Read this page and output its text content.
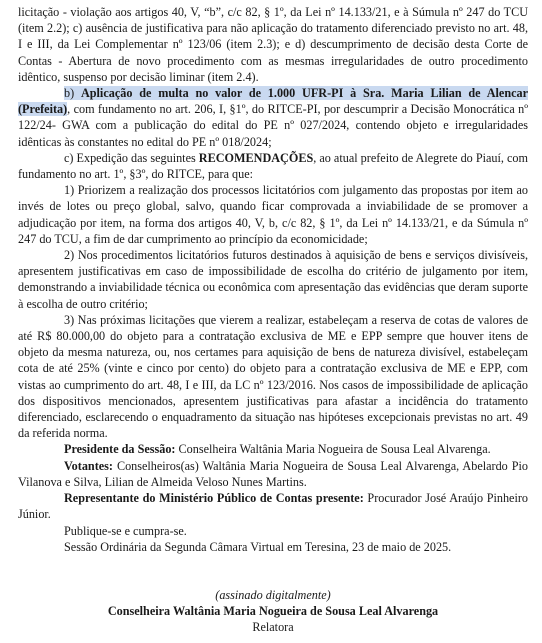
licitação - violação aos artigos 40, V, “b”, c/c 82, § 1º, da Lei nº 14.133/21, e à Súmula nº 247 do TCU (item 2.2); c) ausência de justificativa para não aplicação do tratamento diferenciado previsto no art. 48, I e III, da Lei Complementar nº 123/06 (item 2.3); e d) descumprimento de decisão desta Corte de Contas - Abertura de novo procedimento com as mesmas irregularidades de outro procedimento idêntico, suspenso por decisão liminar (item 2.4).

b) Aplicação de multa no valor de 1.000 UFR-PI à Sra. Maria Lilian de Alencar (Prefeita), com fundamento no art. 206, I, §1º, do RITCE-PI, por descumprir a Decisão Monocrática nº 122/24- GWA com a publicação do edital do PE nº 027/2024, contendo objeto e irregularidades idênticas às constantes no edital do PE nº 018/2024;

c) Expedição das seguintes RECOMENDAÇÕES, ao atual prefeito de Alegrete do Piauí, com fundamento no art. 1º, §3º, do RITCE, para que:

1) Priorizem a realização dos processos licitatórios com julgamento das propostas por item ao invés de lotes ou preço global, salvo, quando ficar comprovada a inviabilidade de se promover a adjudicação por item, na forma dos artigos 40, V, b, c/c 82, § 1º, da Lei nº 14.133/21, e da Súmula nº 247 do TCU, a fim de dar cumprimento ao princípio da economicidade;

2) Nos procedimentos licitatórios futuros destinados à aquisição de bens e serviços divisíveis, apresentem justificativas em caso de impossibilidade de escolha do critério de julgamento por item, demonstrando a inviabilidade técnica ou econômica com apresentação das evidências que deram suporte à escolha de outro critério;

3) Nas próximas licitações que vierem a realizar, estabeleçam a reserva de cotas de valores de até R$ 80.000,00 do objeto para a contratação exclusiva de ME e EPP sempre que houver itens de objeto da mesma natureza, ou, nos certames para aquisição de bens de natureza divisível, estabeleçam cota de até 25% (vinte e cinco por cento) do objeto para a contratação exclusiva de ME e EPP, com vistas ao cumprimento do art. 48, I e III, da LC nº 123/2016. Nos casos de impossibilidade de aplicação dos dispositivos mencionados, apresentem justificativas para afastar a incidência do tratamento diferenciado, esclarecendo o enquadramento da situação nas hipóteses excepcionais previstas no art. 49 da referida norma.

Presidente da Sessão: Conselheira Waltânia Maria Nogueira de Sousa Leal Alvarenga.

Votantes: Conselheiros(as) Waltânia Maria Nogueira de Sousa Leal Alvarenga, Abelardo Pio Vilanova e Silva, Lilian de Almeida Veloso Nunes Martins.

Representante do Ministério Público de Contas presente: Procurador José Araújo Pinheiro Júnior.

Publique-se e cumpra-se.

Sessão Ordinária da Segunda Câmara Virtual em Teresina, 23 de maio de 2025.

(assinado digitalmente)

Conselheira Waltânia Maria Nogueira de Sousa Leal Alvarenga

Relatora
